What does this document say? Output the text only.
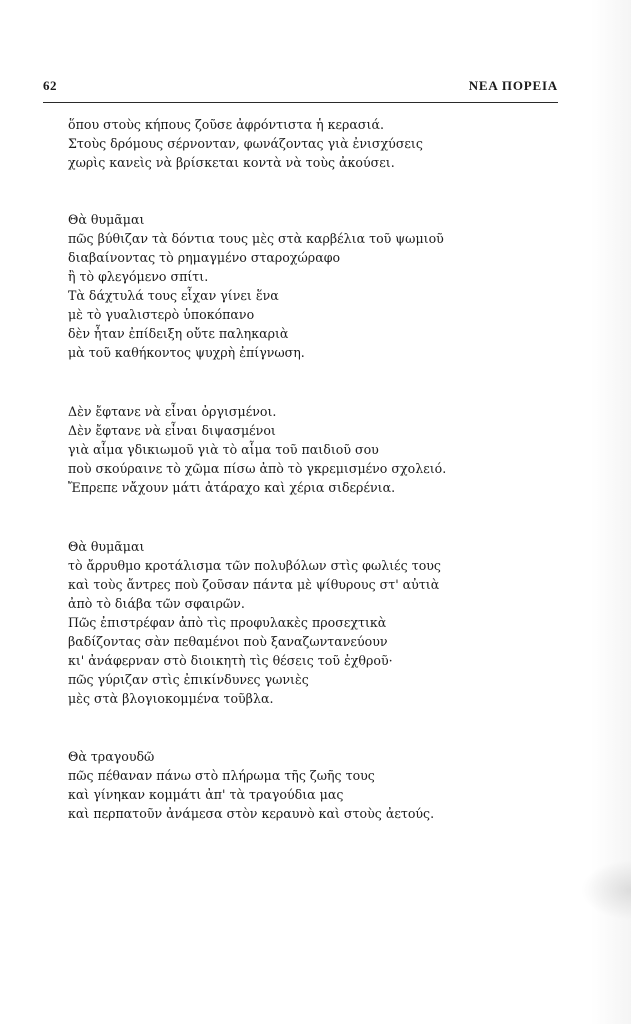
62	ΝΕΑ ΠΟΡΕΙΑ
ὅπου στοὺς κήπους ζοῦσε ἀφρόντιστα ἡ κερασιά.
Στοὺς δρόμους σέρνονταν, φωνάζοντας γιὰ ἐνισχύσεις
χωρὶς κανεὶς νὰ βρίσκεται κοντὰ νὰ τοὺς ἀκούσει.
Θὰ θυμᾶμαι
πῶς βύθιζαν τὰ δόντια τους μὲς στὰ καρβέλια τοῦ ψωμιοῦ
διαβαίνοντας τὸ ρημαγμένο σταροχώραφο
ἢ τὸ φλεγόμενο σπίτι.
Τὰ δάχτυλά τους εἶχαν γίνει ἕνα
μὲ τὸ γυαλιστερὸ ὑποκόπανο
δὲν ἦταν ἐπίδειξη οὔτε παληκαριὰ
μὰ τοῦ καθήκοντος ψυχρὴ ἐπίγνωση.
Δὲν ἔφτανε νὰ εἶναι ὀργισμένοι.
Δὲν ἔφτανε νὰ εἶναι διψασμένοι
γιὰ αἷμα γδικιωμοῦ γιὰ τὸ αἷμα τοῦ παιδιοῦ σου
ποὺ σκούραινε τὸ χῶμα πίσω ἀπὸ τὸ γκρεμισμένο σχολειό.
Ἔπρεπε νἄχουν μάτι ἀτάραχο καὶ χέρια σιδερένια.
Θὰ θυμᾶμαι
τὸ ἄρρυθμο κροτάλισμα τῶν πολυβόλων στὶς φωλιές τους
καὶ τοὺς ἄντρες ποὺ ζοῦσαν πάντα μὲ ψίθυρους στ' αὐτιὰ
ἀπὸ τὸ διάβα τῶν σφαιρῶν.
Πῶς ἐπιστρέφαν ἀπὸ τὶς προφυλακὲς προσεχτικὰ
βαδίζοντας σὰν πεθαμένοι ποὺ ξαναζωντανεύουν
κι' ἀνάφερναν στὸ διοικητὴ τὶς θέσεις τοῦ ἐχθροῦ·
πῶς γύριζαν στὶς ἐπικίνδυνες γωνιὲς
μὲς στὰ βλογιοκομμένα τοῦβλα.
Θὰ τραγουδῶ
πῶς πέθαναν πάνω στὸ πλήρωμα τῆς ζωῆς τους
καὶ γίνηκαν κομμάτι ἀπ' τὰ τραγούδια μας
καὶ περπατοῦν ἀνάμεσα στὸν κεραυνὸ καὶ στοὺς ἀετούς.
